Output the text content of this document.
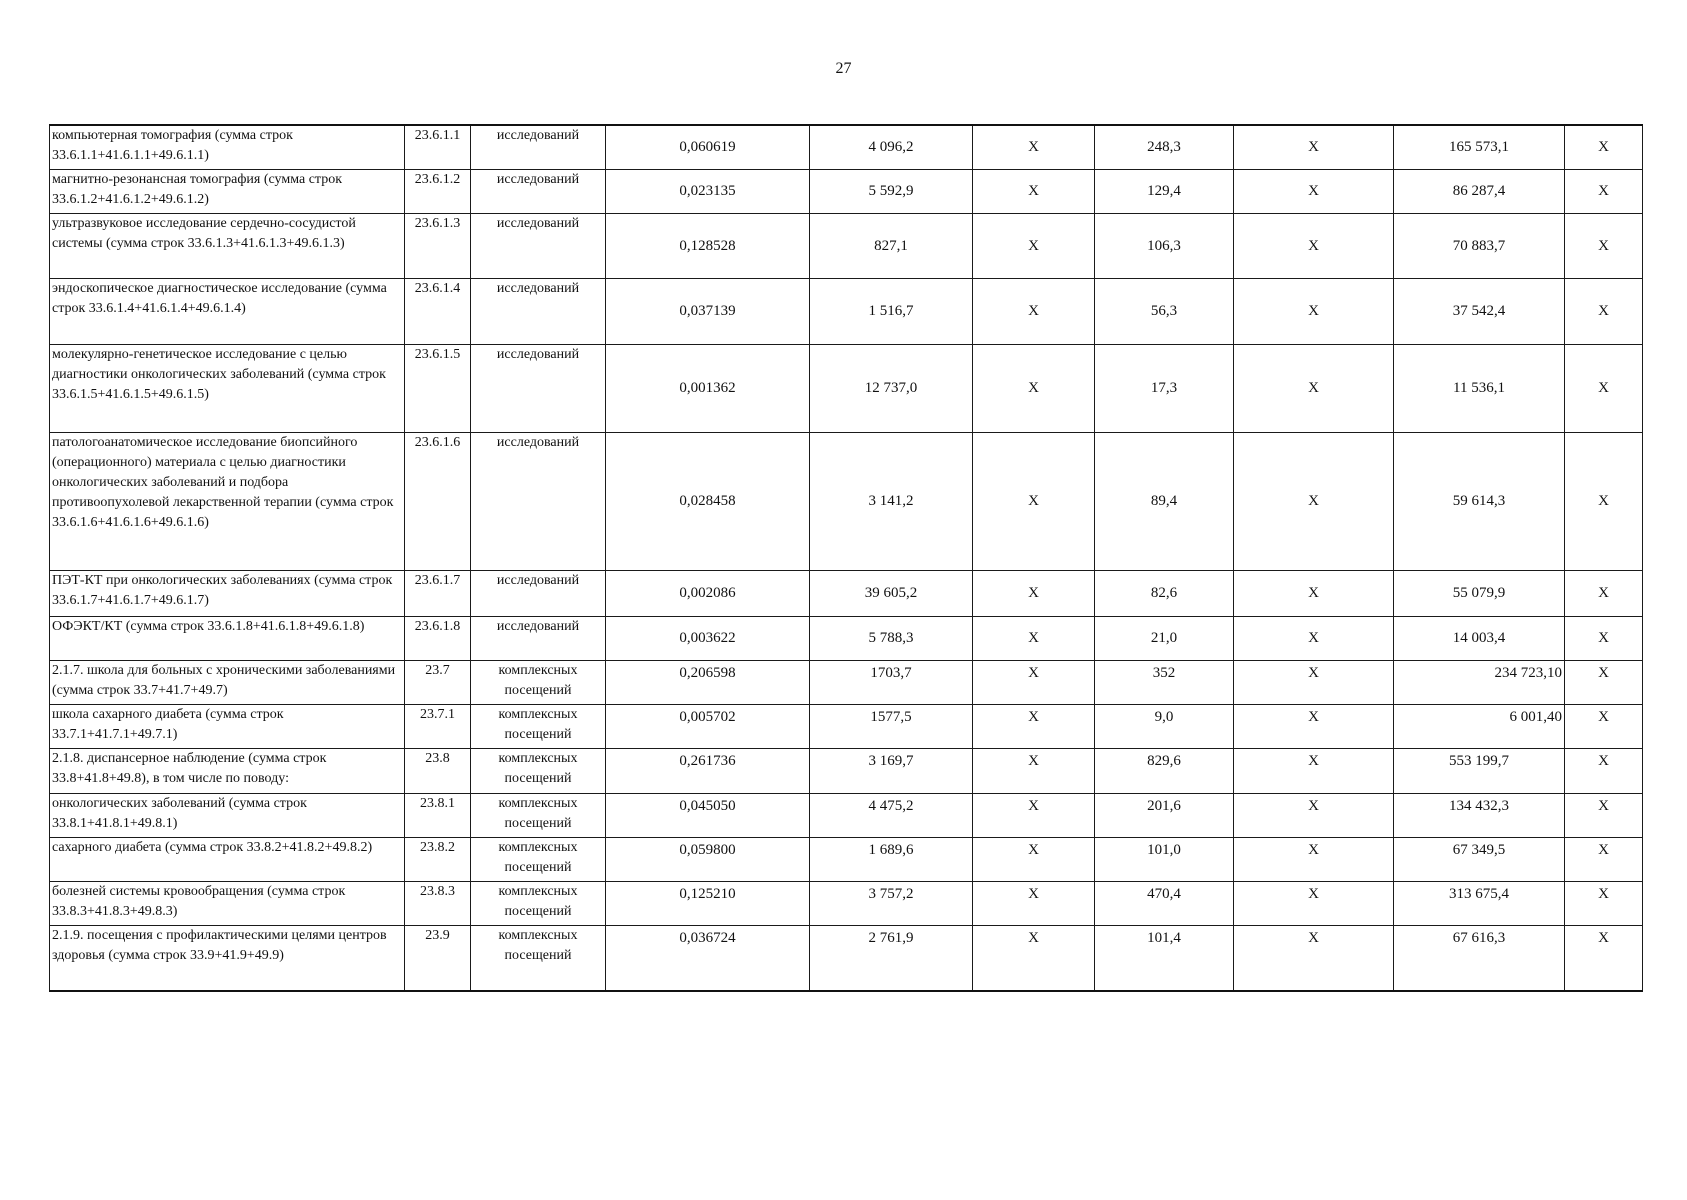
27
компьютерная томография (сумма строк 33.6.1.1+41.6.1.1+49.6.1.1)	23.6.1.1	исследований	0,060619	4 096,2	Х	248,3	Х	165 573,1	Х
магнитно-резонансная томография (сумма строк 33.6.1.2+41.6.1.2+49.6.1.2)	23.6.1.2	исследований	0,023135	5 592,9	Х	129,4	Х	86 287,4	Х
ультразвуковое исследование сердечно-сосудистой системы (сумма строк 33.6.1.3+41.6.1.3+49.6.1.3)	23.6.1.3	исследований	0,128528	827,1	Х	106,3	Х	70 883,7	Х
эндоскопическое диагностическое исследование (сумма строк 33.6.1.4+41.6.1.4+49.6.1.4)	23.6.1.4	исследований	0,037139	1 516,7	Х	56,3	Х	37 542,4	Х
молекулярно-генетическое исследование с целью диагностики онкологических заболеваний (сумма строк 33.6.1.5+41.6.1.5+49.6.1.5)	23.6.1.5	исследований	0,001362	12 737,0	Х	17,3	Х	11 536,1	Х
патологоанатомическое исследование биопсийного (операционного) материала с целью диагностики онкологических заболеваний и подбора противоопухолевой лекарственной терапии (сумма строк 33.6.1.6+41.6.1.6+49.6.1.6)	23.6.1.6	исследований	0,028458	3 141,2	Х	89,4	Х	59 614,3	Х
ПЭТ-КТ при онкологических заболеваниях (сумма строк 33.6.1.7+41.6.1.7+49.6.1.7)	23.6.1.7	исследований	0,002086	39 605,2	Х	82,6	Х	55 079,9	Х
ОФЭКТ/КТ (сумма строк 33.6.1.8+41.6.1.8+49.6.1.8)	23.6.1.8	исследований	0,003622	5 788,3	Х	21,0	Х	14 003,4	Х
2.1.7. школа для больных с хроническими заболеваниями (сумма строк 33.7+41.7+49.7)	23.7	комплексных посещений	0,206598	1703,7	Х	352	Х	234 723,10	Х
школа сахарного диабета (сумма строк 33.7.1+41.7.1+49.7.1)	23.7.1	комплексных посещений	0,005702	1577,5	Х	9,0	Х	6 001,40	Х
2.1.8. диспансерное наблюдение (сумма строк 33.8+41.8+49.8), в том числе по поводу:	23.8	комплексных посещений	0,261736	3 169,7	Х	829,6	Х	553 199,7	Х
онкологических заболеваний (сумма строк 33.8.1+41.8.1+49.8.1)	23.8.1	комплексных посещений	0,045050	4 475,2	Х	201,6	Х	134 432,3	Х
сахарного диабета (сумма строк 33.8.2+41.8.2+49.8.2)	23.8.2	комплексных посещений	0,059800	1 689,6	Х	101,0	Х	67 349,5	Х
болезней системы кровообращения (сумма строк 33.8.3+41.8.3+49.8.3)	23.8.3	комплексных посещений	0,125210	3 757,2	Х	470,4	Х	313 675,4	Х
2.1.9. посещения с профилактическими целями центров здоровья (сумма строк 33.9+41.9+49.9)	23.9	комплексных посещений	0,036724	2 761,9	Х	101,4	Х	67 616,3	Х
